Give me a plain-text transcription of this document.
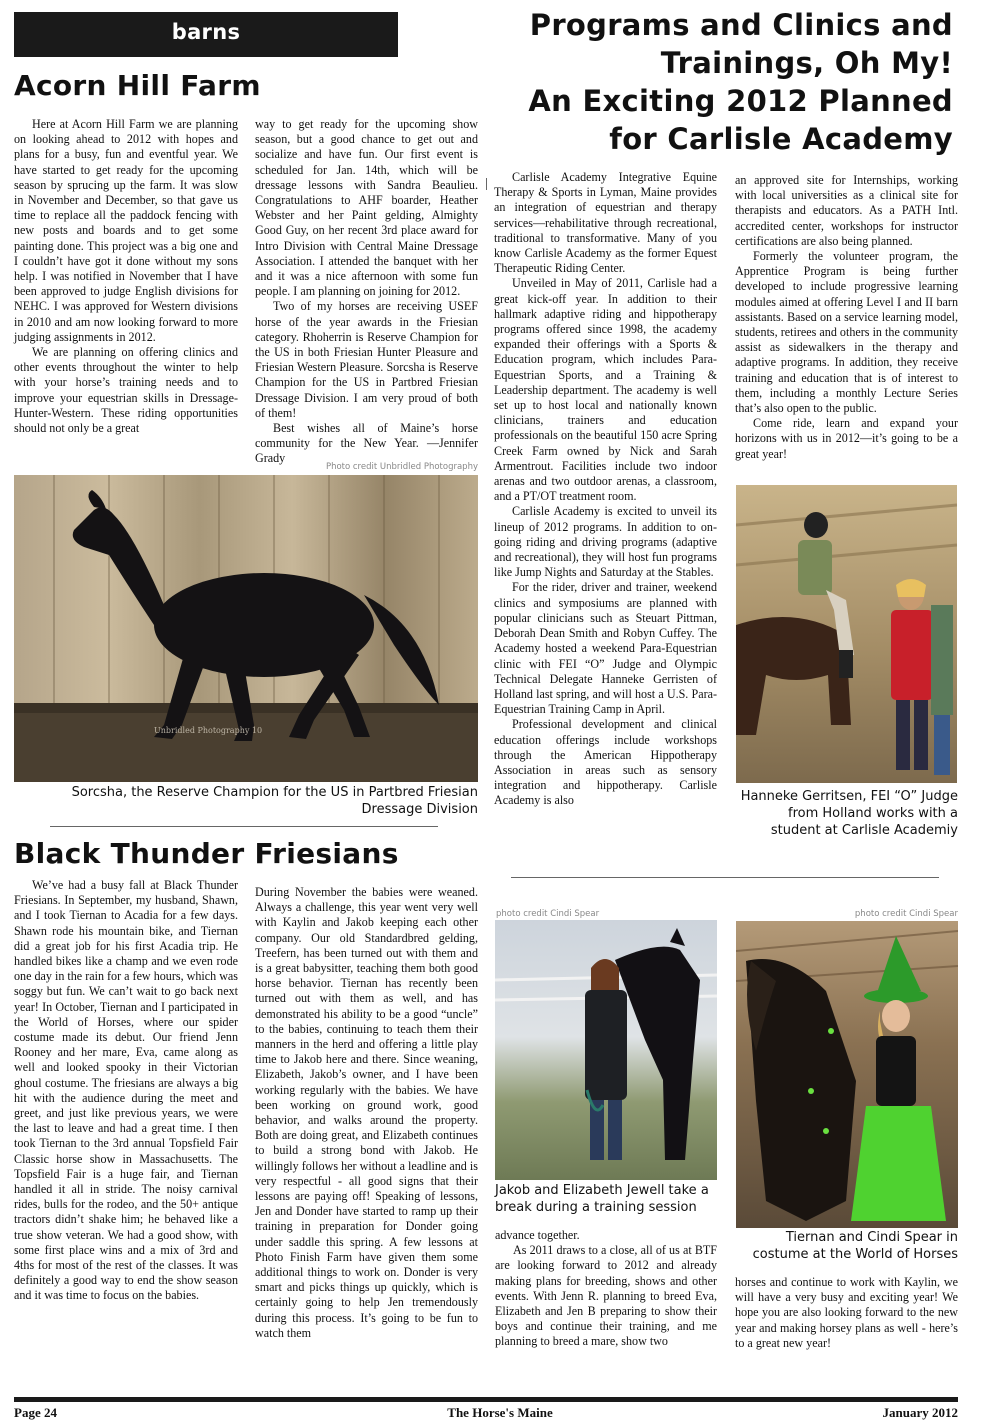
barns
Acorn Hill Farm

Here at Acorn Hill Farm we are planning on looking ahead to 2012 with hopes and plans for a busy, fun and eventful year. We have started to get ready for the upcoming season by sprucing up the farm. It was slow in November and December, so that gave us time to replace all the paddock fencing with new posts and boards and to get some painting done. This project was a big one and I couldn’t have got it done without my sons help. I was notified in November that I have been approved to judge English divisions for NEHC. I was approved for Western divisions in 2010 and am now looking forward to more judging assignments in 2012.

We are planning on offering clinics and other events throughout the winter to help with your horse’s training needs and to improve your equestrian skills in Dressage-Hunter-Western. These riding opportunities should not only be a great

way to get ready for the upcoming show season, but a good chance to get out and socialize and have fun. Our first event is scheduled for Jan. 14th, which will be dressage lessons with Sandra Beaulieu. Congratulations to AHF boarder, Heather Webster and her Paint gelding, Almighty Good Guy, on her recent 3rd place award for Intro Division with Central Maine Dressage Association. I attended the banquet with her and it was a nice afternoon with some fun people. I am planning on joining for 2012.

Two of my horses are receiving USEF horse of the year awards in the Friesian category. Rhoherrin is Reserve Champion for the US in both Friesian Hunter Pleasure and Friesian Western Pleasure. Sorcsha is Reserve Champion for the US in Partbred Friesian Dressage Division. I am very proud of both of them!

Best wishes all of Maine’s horse community for the New Year. —Jennifer Grady

Photo credit Unbridled Photography
Unbridled Photography 10
Sorcsha, the Reserve Champion for the US in Partbred Friesian Dressage Division
Black Thunder Friesians

We’ve had a busy fall at Black Thunder Friesians. In September, my husband, Shawn, and I took Tiernan to Acadia for a few days. Shawn rode his mountain bike, and Tiernan did a great job for his first Acadia trip. He handled bikes like a champ and we even rode one day in the rain for a few hours, which was soggy but fun. We can’t wait to go back next year! In October, Tiernan and I participated in the World of Horses, where our spider costume made its debut. Our friend Jenn Rooney and her mare, Eva, came along as well and looked spooky in their Victorian ghoul costume. The friesians are always a big hit with the audience during the meet and greet, and just like previous years, we were the last to leave and had a great time. I then took Tiernan to the 3rd annual Topsfield Fair Classic horse show in Massachusetts. The Topsfield Fair is a huge fair, and Tiernan handled it all in stride. The noisy carnival rides, bulls for the rodeo, and the 50+ antique tractors didn’t shake him; he behaved like a true show veteran. We had a good show, with some first place wins and a mix of 3rd and 4ths for most of the rest of the classes. It was definitely a good way to end the show season and it was time to focus on the babies.

During November the babies were weaned. Always a challenge, this year went very well with Kaylin and Jakob keeping each other company. Our old Standardbred gelding, Treefern, has been turned out with them and is a great babysitter, teaching them both good horse behavior. Tiernan has recently been turned out with them as well, and has demonstrated his ability to be a good “uncle” to the babies, continuing to teach them their manners in the herd and offering a little play time to Jakob here and there. Since weaning, Elizabeth, Jakob’s owner, and I have been working regularly with the babies. We have been working on ground work, good behavior, and walks around the property. Both are doing great, and Elizabeth continues to build a strong bond with Jakob. He willingly follows her without a leadline and is very respectful - all good signs that their lessons are paying off! Speaking of lessons, Jen and Donder have started to ramp up their training in preparation for Donder going under saddle this spring. A few lessons at Photo Finish Farm have given them some additional things to work on. Donder is very smart and picks things up quickly, which is certainly going to help Jen tremendously during this process. It’s going to be fun to watch them

Programs and Clinics and
Trainings, Oh My!
An Exciting 2012 Planned
for Carlisle Academy

Carlisle Academy Integrative Equine Therapy & Sports in Lyman, Maine provides an integration of equestrian and therapy services—rehabilitative through recreational, traditional to transformative. Many of you know Carlisle Academy as the former Equest Therapeutic Riding Center.

Unveiled in May of 2011, Carlisle had a great kick-off year. In addition to their hallmark adaptive riding and hippotherapy programs offered since 1998, the academy expanded their offerings with a Sports & Education program, which includes Para-Equestrian Sports, and a Training & Leadership department. The academy is well set up to host local and nationally known clinicians, trainers and education professionals on the beautiful 150 acre Spring Creek Farm owned by Nick and Sarah Armentrout. Facilities include two indoor arenas and two outdoor arenas, a classroom, and a PT/OT treatment room.

Carlisle Academy is excited to unveil its lineup of 2012 programs. In addition to on-going riding and driving programs (adaptive and recreational), they will host fun programs like Jump Nights and Saturday at the Stables.

For the rider, driver and trainer, weekend clinics and symposiums are planned with popular clinicians such as Steuart Pittman, Deborah Dean Smith and Robyn Cuffey. The Academy hosted a weekend Para-Equestrian clinic with FEI “O” Judge and Olympic Technical Delegate Hanneke Gerristen of Holland last spring, and will host a U.S. Para-Equestrian Training Camp in April.

Professional development and clinical education offerings include workshops through the American Hippotherapy Association in areas such as sensory integration and hippotherapy. Carlisle Academy is also

an approved site for Internships, working with local universities as a clinical site for therapists and educators. As a PATH Intl. accredited center, workshops for instructor certifications are also being planned.

Formerly the volunteer program, the Apprentice Program is being further developed to include progressive learning modules aimed at offering Level I and II barn assistants. Based on a service learning model, students, retirees and others in the community assist as sidewalkers in the therapy and adaptive programs. In addition, they receive training and education that is of interest to them, including a monthly Lecture Series that’s also open to the public.

Come ride, learn and expand your horizons with us in 2012—it’s going to be a great year!

Hanneke Gerritsen, FEI “O” Judge from Holland works with a student at Carlisle Academiy
photo credit Cindi Spear
Jakob and Elizabeth Jewell take a break during a training session
photo credit Cindi Spear
Tiernan and Cindi Spear in costume at the World of Horses

advance together.

As 2011 draws to a close, all of us at BTF are looking forward to 2012 and already making plans for breeding, shows and other events. With Jenn R. planning to breed Eva, Elizabeth and Jen B preparing to show their boys and continue their training, and me planning to breed a mare, show two

horses and continue to work with Kaylin, we will have a very busy and exciting year! We hope you are also looking forward to the new year and making horsey plans as well - here’s to a great new year!

Page 24	The Horse's Maine	January 2012
